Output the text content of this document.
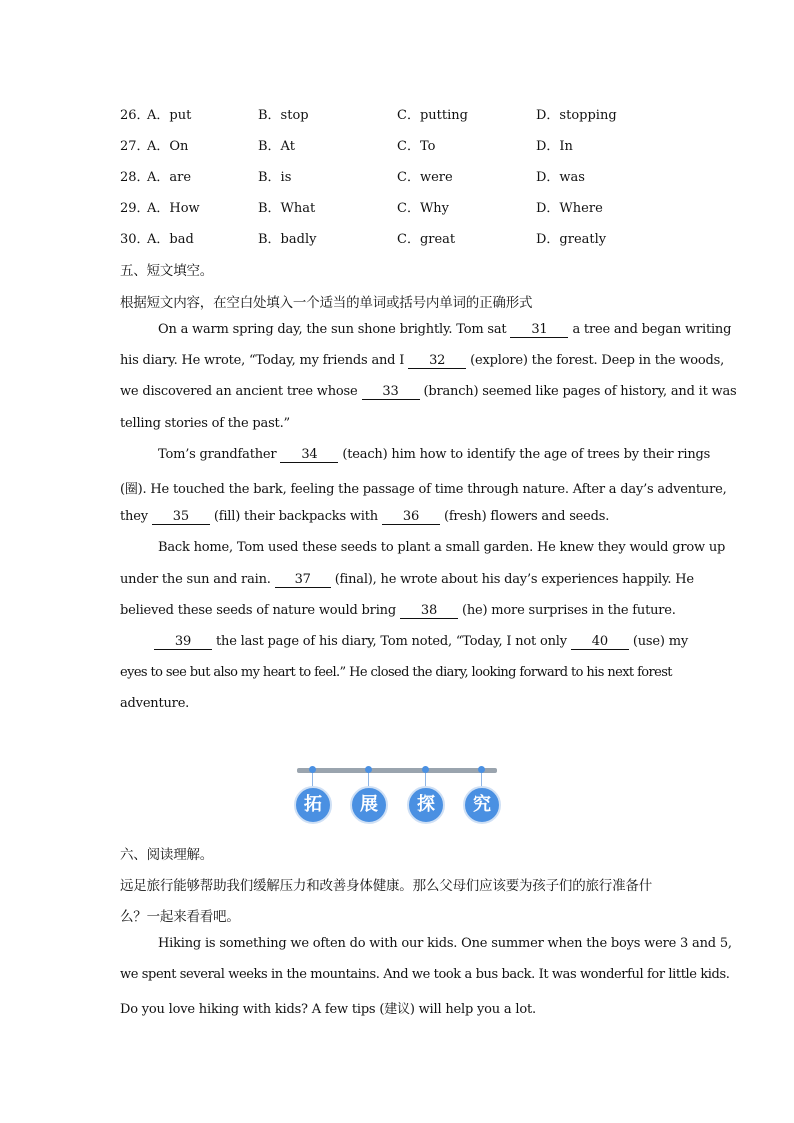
26．
A．put	B．stop	C．putting	D．stopping
27．
A．On	B．At	C．To	D．In
28．
A．are	B．is	C．were	D．was
29．
A．How	B．What	C．Why	D．Where
30．
A．bad	B．badly	C．great	D．greatly
五、短文填空。
根据短文内容，在空白处填入一个适当的单词或括号内单词的正确形式
On a warm spring day, the sun shone brightly. Tom sat 31 a tree and began writing
his diary. He wrote, “Today, my friends and I 32 (explore) the forest. Deep in the woods,
we discovered an ancient tree whose 33 (branch) seemed like pages of history, and it was
telling stories of the past.”
Tom’s grandfather 34 (teach) him how to identify the age of trees by their rings
(圈). He touched the bark, feeling the passage of time through nature. After a day’s adventure,
they 35 (fill) their backpacks with 36 (fresh) flowers and seeds.
Back home, Tom used these seeds to plant a small garden. He knew they would grow up
under the sun and rain. 37 (final), he wrote about his day’s experiences happily. He
believed these seeds of nature would bring 38 (he) more surprises in the future.
39 the last page of his diary, Tom noted, “Today, I not only 40 (use) my
eyes to see but also my heart to feel.” He closed the diary, looking forward to his next forest
adventure.
拓	展	探	究
六、阅读理解。
远足旅行能够帮助我们缓解压力和改善身体健康。那么父母们应该要为孩子们的旅行准备什
么？一起来看看吧。
Hiking is something we often do with our kids. One summer when the boys were 3 and 5,
we spent several weeks in the mountains. And we took a bus back. It was wonderful for little kids.
Do you love hiking with kids? A few tips (建议) will help you a lot.
